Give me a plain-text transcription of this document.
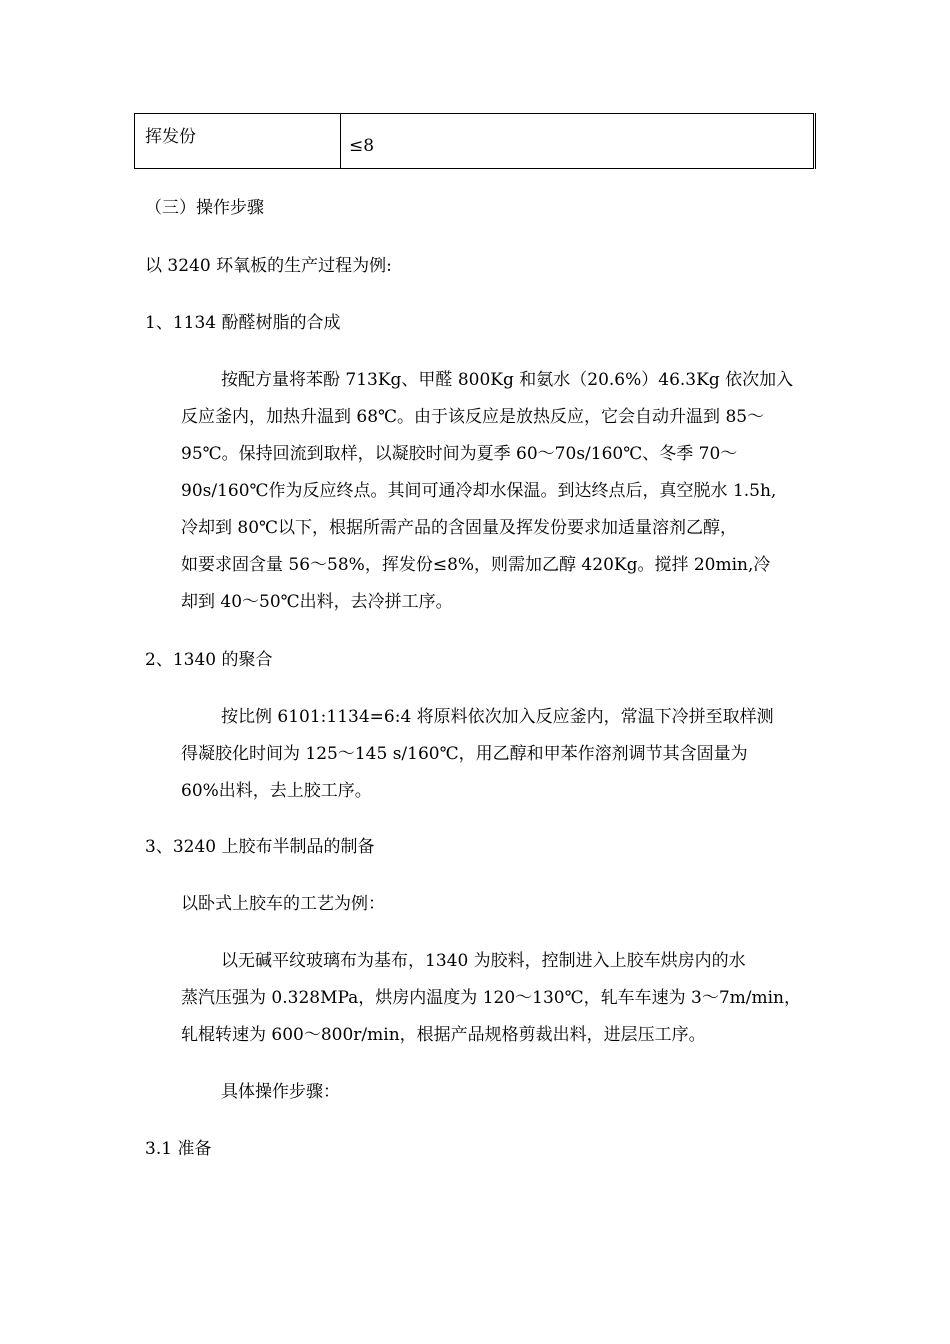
挥发份	≤8
（三）操作步骤
以 3240 环氧板的生产过程为例:
1、1134 酚醛树脂的合成
按配方量将苯酚 713Kg、甲醛 800Kg 和氨水（20.6%）46.3Kg 依次加入
反应釜内，加热升温到 68℃。由于该反应是放热反应，它会自动升温到 85～
95℃。保持回流到取样，以凝胶时间为夏季 60～70s/160℃、冬季 70～
90s/160℃作为反应终点。其间可通冷却水保温。到达终点后，真空脱水 1.5h,
冷却到 80℃以下，根据所需产品的含固量及挥发份要求加适量溶剂乙醇，
如要求固含量 56～58%，挥发份≤8%，则需加乙醇 420Kg。搅拌 20min,冷
却到 40～50℃出料，去冷拼工序。
2、1340 的聚合
按比例 6101:1134=6:4 将原料依次加入反应釜内，常温下冷拼至取样测
得凝胶化时间为 125～145 s/160℃，用乙醇和甲苯作溶剂调节其含固量为
60%出料，去上胶工序。
3、3240 上胶布半制品的制备
以卧式上胶车的工艺为例：
以无碱平纹玻璃布为基布，1340 为胶料，控制进入上胶车烘房内的水
蒸汽压强为 0.328MPa，烘房内温度为 120～130℃，轧车车速为 3～7m/min，
轧棍转速为 600～800r/min，根据产品规格剪裁出料，进层压工序。
具体操作步骤：
3.1 准备
